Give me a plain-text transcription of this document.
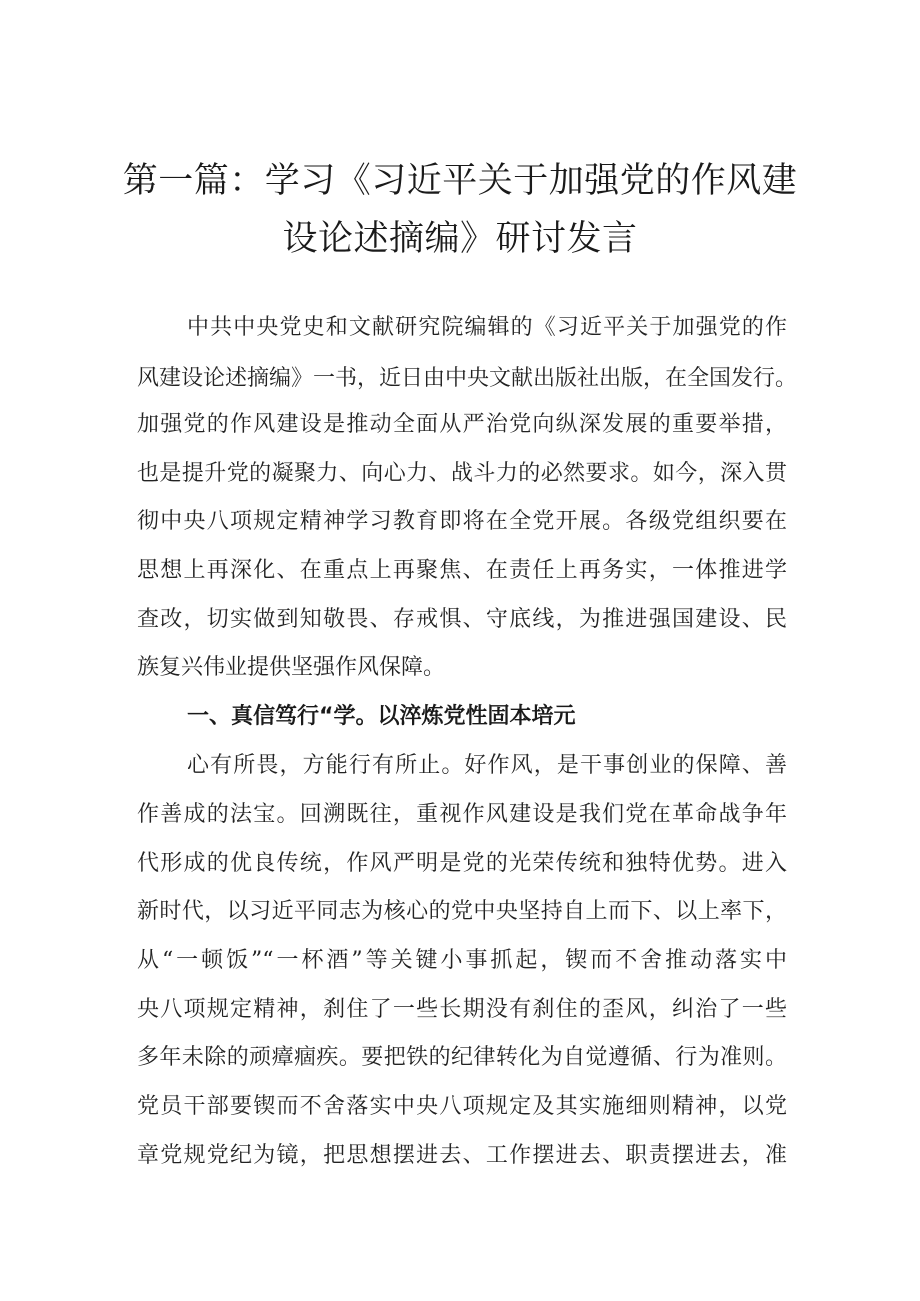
第一篇：学习《习近平关于加强党的作风建
设论述摘编》研讨发言

中共中央党史和文献研究院编辑的《习近平关于加强党的作

风建设论述摘编》一书，近日由中央文献出版社出版，在全国发行。

加强党的作风建设是推动全面从严治党向纵深发展的重要举措，

也是提升党的凝聚力、向心力、战斗力的必然要求。如今，深入贯

彻中央八项规定精神学习教育即将在全党开展。各级党组织要在

思想上再深化、在重点上再聚焦、在责任上再务实，一体推进学

查改，切实做到知敬畏、存戒惧、守底线，为推进强国建设、民

族复兴伟业提供坚强作风保障。

一、真信笃行“学。以淬炼党性固本培元

心有所畏，方能行有所止。好作风，是干事创业的保障、善

作善成的法宝。回溯既往，重视作风建设是我们党在革命战争年

代形成的优良传统，作风严明是党的光荣传统和独特优势。进入

新时代，以习近平同志为核心的党中央坚持自上而下、以上率下，

从“一顿饭”“一杯酒”等关键小事抓起，锲而不舍推动落实中

央八项规定精神，刹住了一些长期没有刹住的歪风，纠治了一些

多年未除的顽瘴痼疾。要把铁的纪律转化为自觉遵循、行为准则。

党员干部要锲而不舍落实中央八项规定及其实施细则精神，以党

章党规党纪为镜，把思想摆进去、工作摆进去、职责摆进去，准
